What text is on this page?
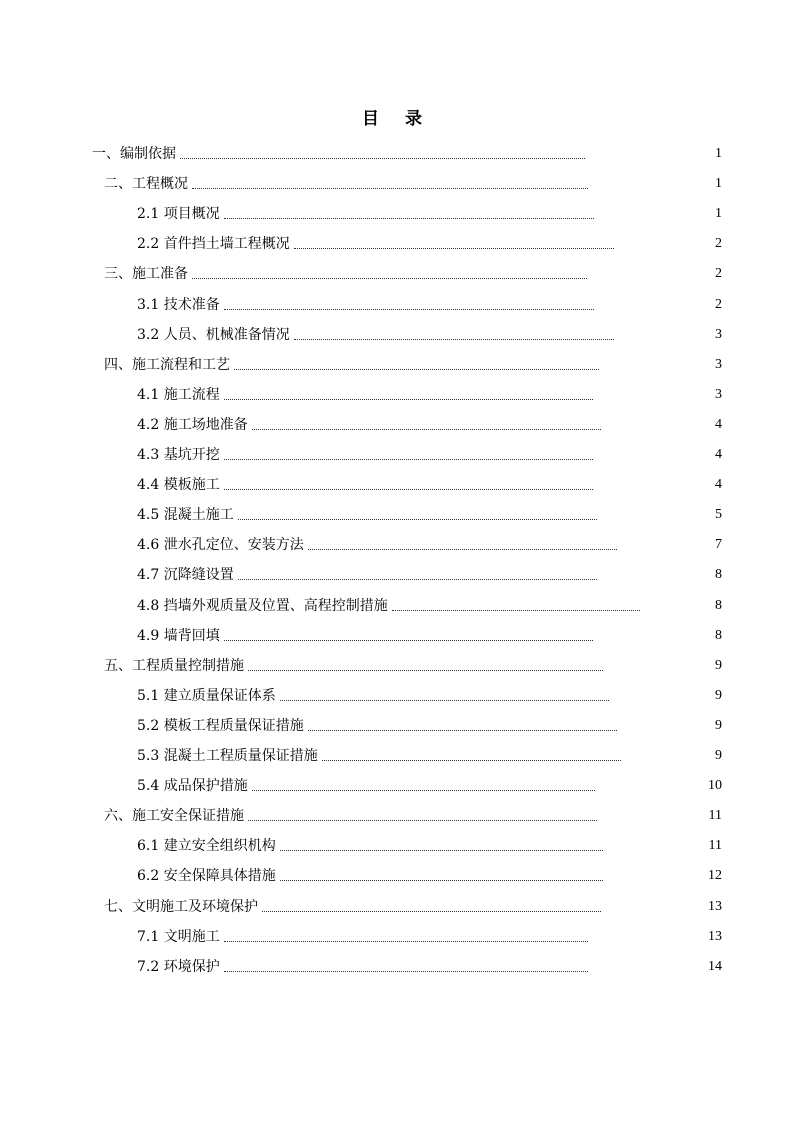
目 录
一、编制依据	1
二、工程概况	1
2.1 项目概况	1
2.2 首件挡土墙工程概况	2
三、施工准备	2
3.1 技术准备	2
3.2 人员、机械准备情况	3
四、施工流程和工艺	3
4.1 施工流程	3
4.2 施工场地准备	4
4.3 基坑开挖	4
4.4 模板施工	4
4.5 混凝土施工	5
4.6 泄水孔定位、安装方法	7
4.7 沉降缝设置	8
4.8 挡墙外观质量及位置、高程控制措施	8
4.9 墙背回填	8
五、工程质量控制措施	9
5.1 建立质量保证体系	9
5.2 模板工程质量保证措施	9
5.3 混凝土工程质量保证措施	9
5.4 成品保护措施	10
六、施工安全保证措施	11
6.1 建立安全组织机构	11
6.2 安全保障具体措施	12
七、文明施工及环境保护	13
7.1 文明施工	13
7.2 环境保护	14
